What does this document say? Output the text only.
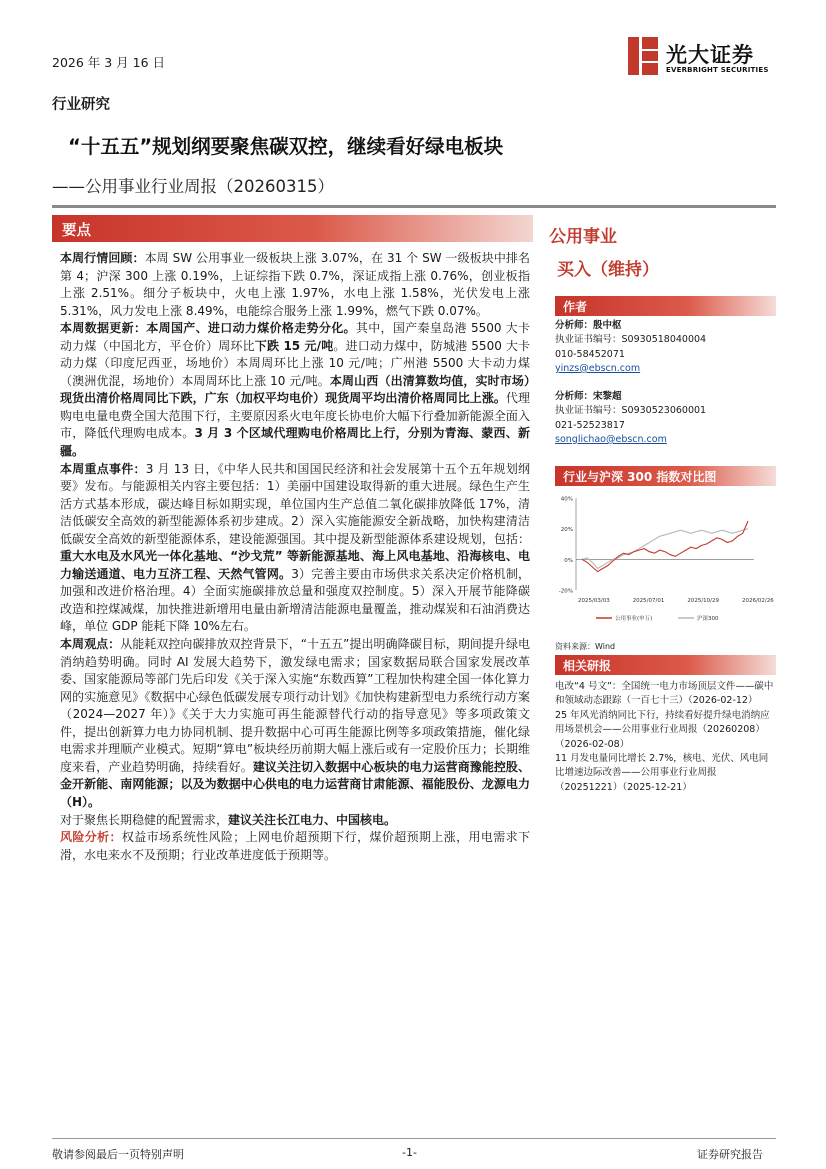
2026 年 3 月 16 日	光大证券
EVERBRIGHT SECURITIES
行业研究
“十五五”规划纲要聚焦碳双控，继续看好绿电板块
——公用事业行业周报（20260315）
要点

本周行情回顾：本周 SW 公用事业一级板块上涨 3.07%，在 31 个 SW 一级板块中排名第 4；沪深 300 上涨 0.19%，上证综指下跌 0.7%，深证成指上涨 0.76%，创业板指上涨 2.51%。细分子板块中，火电上涨 1.97%，水电上涨 1.58%，光伏发电上涨 5.31%，风力发电上涨 8.49%，电能综合服务上涨 1.99%，燃气下跌 0.07%。

本周数据更新：本周国产、进口动力煤价格走势分化。其中，国产秦皇岛港 5500 大卡动力煤（中国北方，平仓价）周环比下跌 15 元/吨。进口动力煤中，防城港 5500 大卡动力煤（印度尼西亚，场地价）本周周环比上涨 10 元/吨；广州港 5500 大卡动力煤（澳洲优混，场地价）本周周环比上涨 10 元/吨。本周山西（出清算数均值，实时市场）现货出清价格周同比下跌，广东（加权平均电价）现货周平均出清价格周同比上涨。代理购电电量电费全国大范围下行，主要原因系火电年度长协电价大幅下行叠加新能源全面入市，降低代理购电成本。3 月 3 个区域代理购电价格周比上行，分别为青海、蒙西、新疆。

本周重点事件：3 月 13 日，《中华人民共和国国民经济和社会发展第十五个五年规划纲要》发布。与能源相关内容主要包括：1）美丽中国建设取得新的重大进展。绿色生产生活方式基本形成，碳达峰目标如期实现，单位国内生产总值二氧化碳排放降低 17%，清洁低碳安全高效的新型能源体系初步建成。2）深入实施能源安全新战略，加快构建清洁低碳安全高效的新型能源体系，建设能源强国。其中提及新型能源体系建设规划，包括：重大水电及水风光一体化基地、“沙戈荒” 等新能源基地、海上风电基地、沿海核电、电力输送通道、电力互济工程、天然气管网。3）完善主要由市场供求关系决定价格机制，加强和改进价格治理。4）全面实施碳排放总量和强度双控制度。5）深入开展节能降碳改造和控煤减煤，加快推进新增用电量由新增清洁能源电量覆盖，推动煤炭和石油消费达峰，单位 GDP 能耗下降 10%左右。

本周观点：从能耗双控向碳排放双控背景下，“十五五”提出明确降碳目标，期间提升绿电消纳趋势明确。同时 AI 发展大趋势下，激发绿电需求；国家数据局联合国家发展改革委、国家能源局等部门先后印发《关于深入实施“东数西算”工程加快构建全国一体化算力网的实施意见》《数据中心绿色低碳发展专项行动计划》《加快构建新型电力系统行动方案（2024—2027 年）》《关于大力实施可再生能源替代行动的指导意见》等多项政策文件，提出创新算力电力协同机制、提升数据中心可再生能源比例等多项政策措施，催化绿电需求并理顺产业模式。短期“算电”板块经历前期大幅上涨后或有一定股价压力；长期维度来看，产业趋势明确，持续看好。建议关注切入数据中心板块的电力运营商豫能控股、金开新能、南网能源；以及为数据中心供电的电力运营商甘肃能源、福能股份、龙源电力（H）。

对于聚焦长期稳健的配置需求，建议关注长江电力、中国核电。

风险分析：权益市场系统性风险；上网电价超预期下行，煤价超预期上涨，用电需求下滑，水电来水不及预期；行业改革进度低于预期等。

公用事业
买入（维持）
作者
分析师：殷中枢
执业证书编号：S0930518040004
010-58452071
yinzs@ebscn.com
分析师：宋黎超
执业证书编号：S0930523060001
021-52523817
songlichao@ebscn.com
行业与沪深 300 指数对比图
40%
20%
0%
-20%
2025/03/03	2025/07/01	2025/10/29	2026/02/26
公用事业(申万)	沪深300
资料来源：Wind
相关研报

电改“4 号文”：全国统一电力市场顶层文件——碳中和领域动态跟踪（一百七十三）（2026-02-12）

25 年风光消纳同比下行，持续看好提升绿电消纳应用场景机会——公用事业行业周报（20260208）（2026-02-08）

11 月发电量同比增长 2.7%，核电、光伏、风电同比增速边际改善——公用事业行业周报（20251221）（2025-12-21）

敬请参阅最后一页特别声明	-1-	证券研究报告
